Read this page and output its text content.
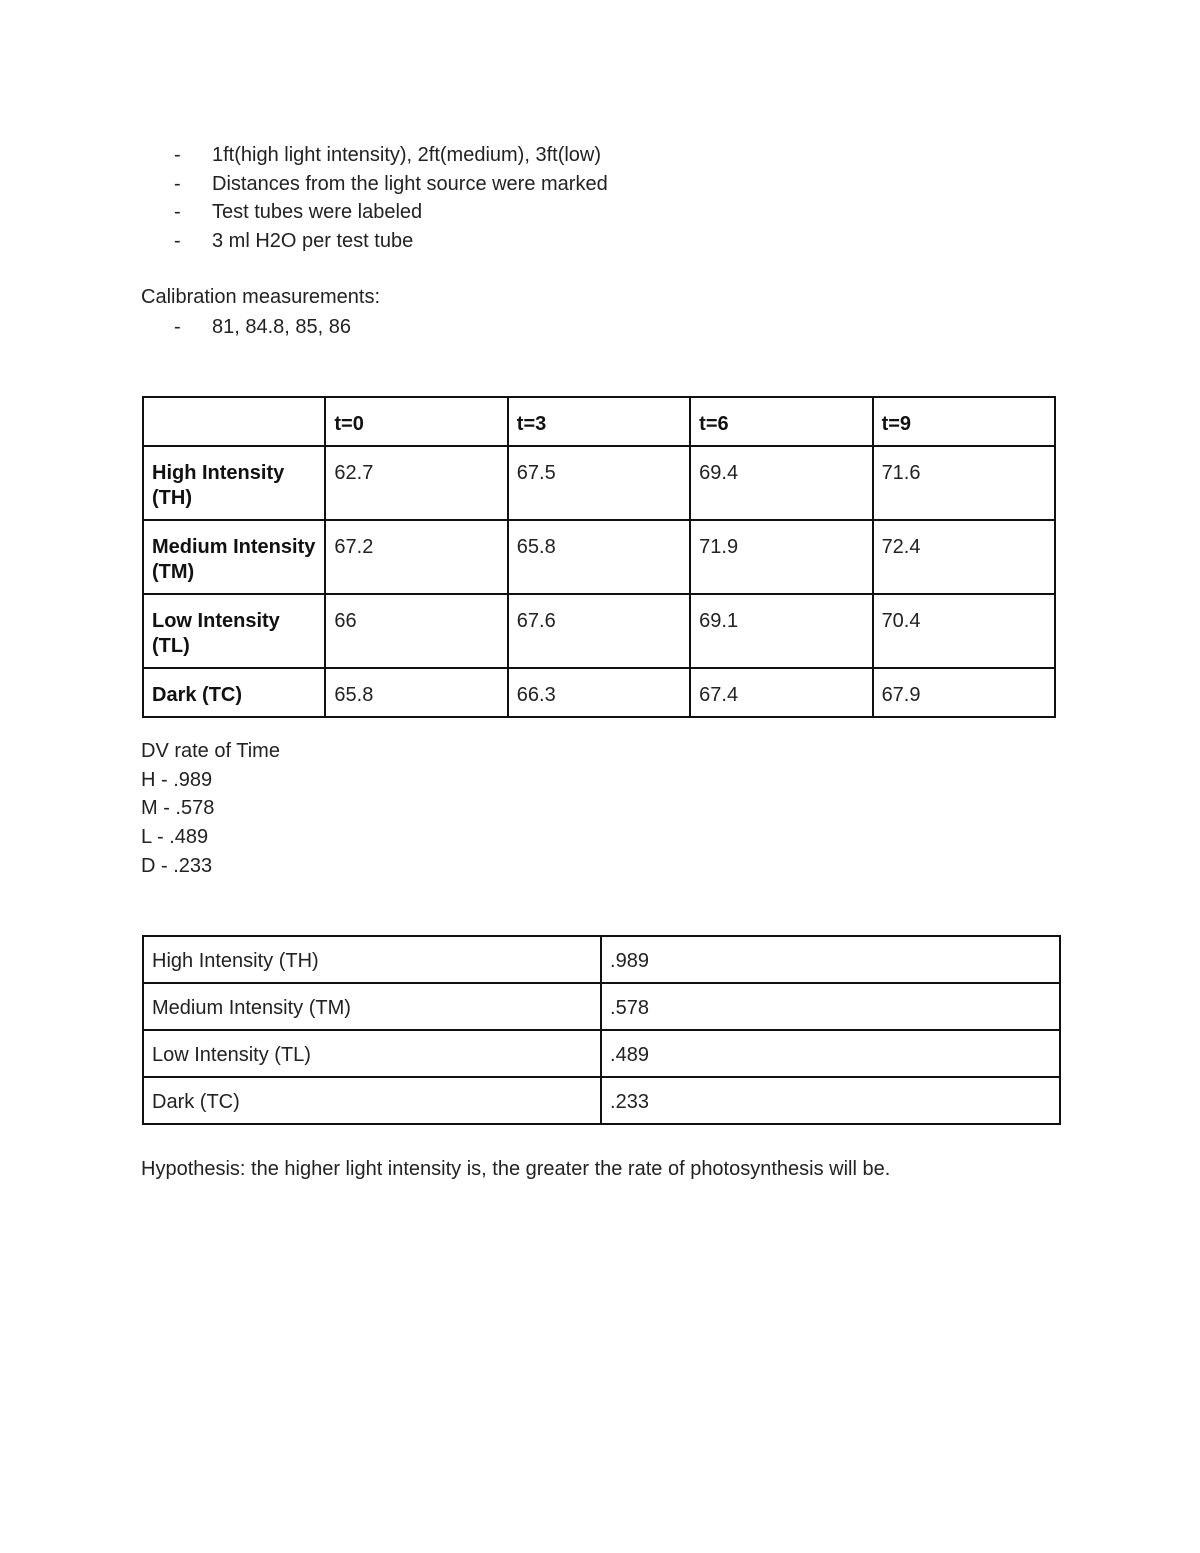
- 1ft(high light intensity), 2ft(medium), 3ft(low)
- Distances from the light source were marked
- Test tubes were labeled
- 3 ml H2O per test tube
Calibration measurements:
- 81, 84.8, 85, 86
	t=0	t=3	t=6	t=9
High Intensity (TH)	62.7	67.5	69.4	71.6
Medium Intensity (TM)	67.2	65.8	71.9	72.4
Low Intensity (TL)	66	67.6	69.1	70.4
Dark (TC)	65.8	66.3	67.4	67.9
DV rate of Time
H - .989
M - .578
L - .489
D - .233
High Intensity (TH)	.989
Medium Intensity (TM)	.578
Low Intensity (TL)	.489
Dark (TC)	.233
Hypothesis: the higher light intensity is, the greater the rate of photosynthesis will be.
